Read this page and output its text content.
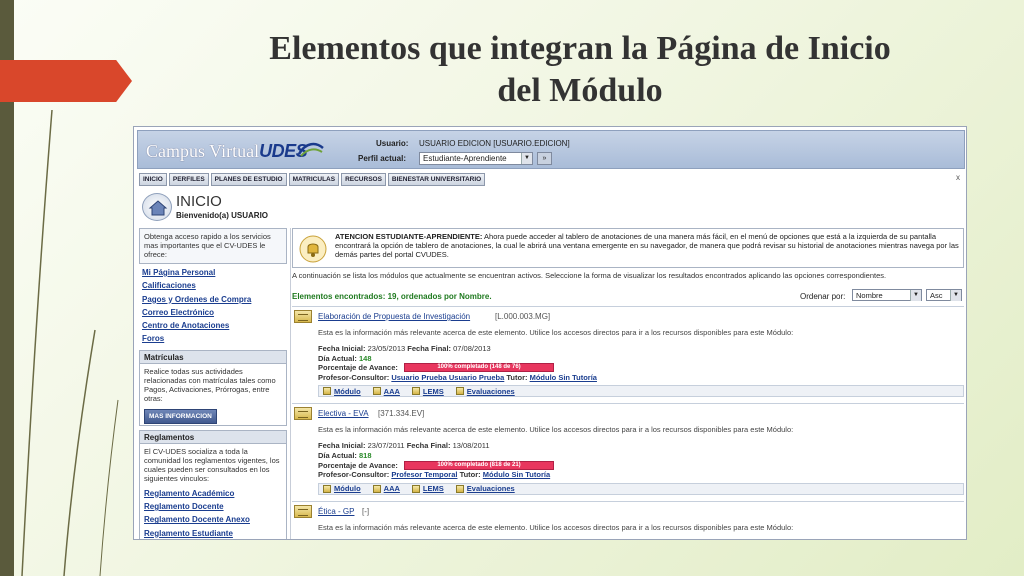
Elementos que integran la Página de Inicio
del Módulo
Campus VirtualUDES	Usuario: USUARIO EDICION [USUARIO.EDICION]
Perfil actual:	Estudiante-Aprendiente	▼	»
INICIO	PERFILES	PLANES DE ESTUDIO	MATRICULAS	RECURSOS	BIENESTAR UNIVERSITARIO	x
INICIO
Bienvenido(a) USUARIO
Obtenga acceso rapido a los servicios mas importantes que el CV-UDES le ofrece:
Mi Página Personal
Calificaciones
Pagos y Ordenes de Compra
Correo Electrónico
Centro de Anotaciones
Foros
Matrículas
Realice todas sus actividades relacionadas con matrículas tales como Pagos, Activaciones, Prórrogas, entre otras:
MAS INFORMACION
Reglamentos
El CV-UDES socializa a toda la comunidad los reglamentos vigentes, los cuales pueden ser consultados en los siguientes vinculos:
Reglamento Académico
Reglamento Docente
Reglamento Docente Anexo
Reglamento Estudiante
ATENCION ESTUDIANTE-APRENDIENTE: Ahora puede acceder al tablero de anotaciones de una manera más fácil, en el menú de opciones que está a la izquierda de su pantalla encontrará la opción de tablero de anotaciones, la cual le abrirá una ventana emergente en su navegador, de manera que podrá revisar su historial de anotaciones mientras navega por las demás partes del portal CVUDES.
A continuación se lista los módulos que actualmente se encuentran activos. Seleccione la forma de visualizar los resultados encontrados aplicando las opciones correspondientes.
Elementos encontrados: 19, ordenados por Nombre.	Ordenar por:	Nombre	▼	Asc	▼
Elaboración de Propuesta de Investigación	[L.000.003.MG]
Esta es la información más relevante acerca de este elemento. Utilice los accesos directos para ir a los recursos disponibles para este Módulo:
Fecha Inicial: 23/05/2013 Fecha Final: 07/08/2013
Día Actual: 148
Porcentaje de Avance:	100% completado (148 de 76)
Profesor-Consultor: Usuario Prueba Usuario Prueba Tutor: Módulo Sin Tutoría
Módulo	AAA	LEMS	Evaluaciones
Electiva - EVA [371.334.EV]
Esta es la información más relevante acerca de este elemento. Utilice los accesos directos para ir a los recursos disponibles para este Módulo:
Fecha Inicial: 23/07/2011 Fecha Final: 13/08/2011
Día Actual: 818
Porcentaje de Avance:	100% completado (818 de 21)
Profesor-Consultor: Profesor Temporal Tutor: Módulo Sin Tutoría
Módulo	AAA	LEMS	Evaluaciones
Ética - GP [-]
Esta es la información más relevante acerca de este elemento. Utilice los accesos directos para ir a los recursos disponibles para este Módulo:
